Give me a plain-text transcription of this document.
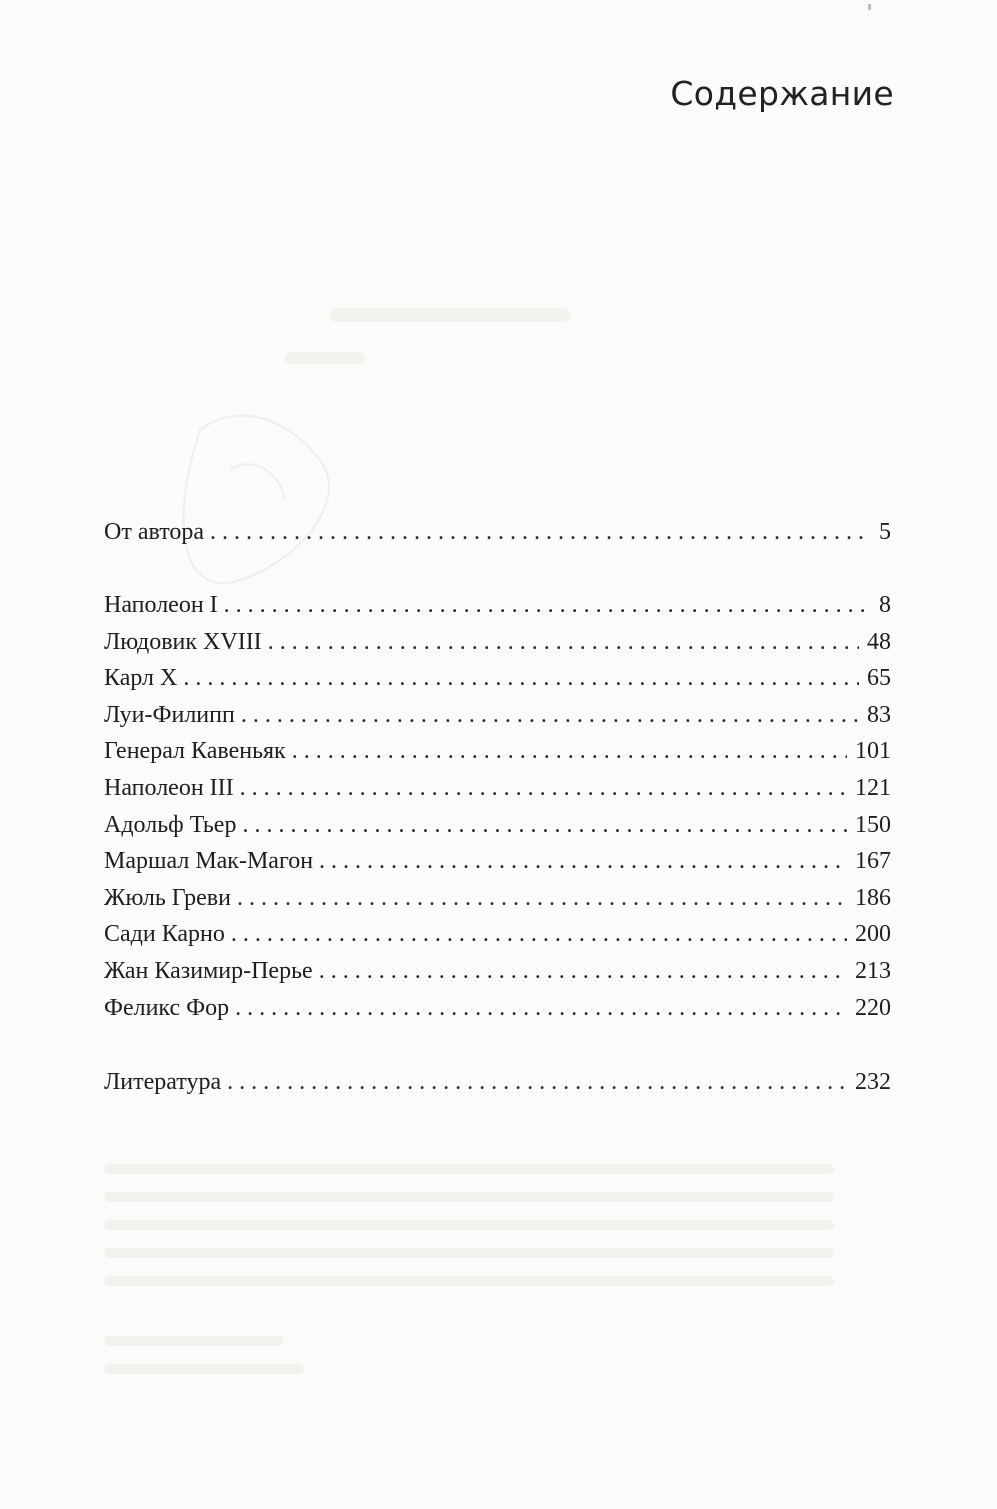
Содержание
От автора . . .	5
Наполеон I . . .	8
Людовик XVIII . . .	48
Карл Х . . .	65
Луи-Филипп . . .	83
Генерал Кавеньяк . . .	101
Наполеон III . . .	121
Адольф Тьер . . .	150
Маршал Мак-Магон . . .	167
Жюль Греви . . .	186
Сади Карно . . .	200
Жан Казимир-Перье . . .	213
Феликс Фор . . .	220
Литература . . .	232
